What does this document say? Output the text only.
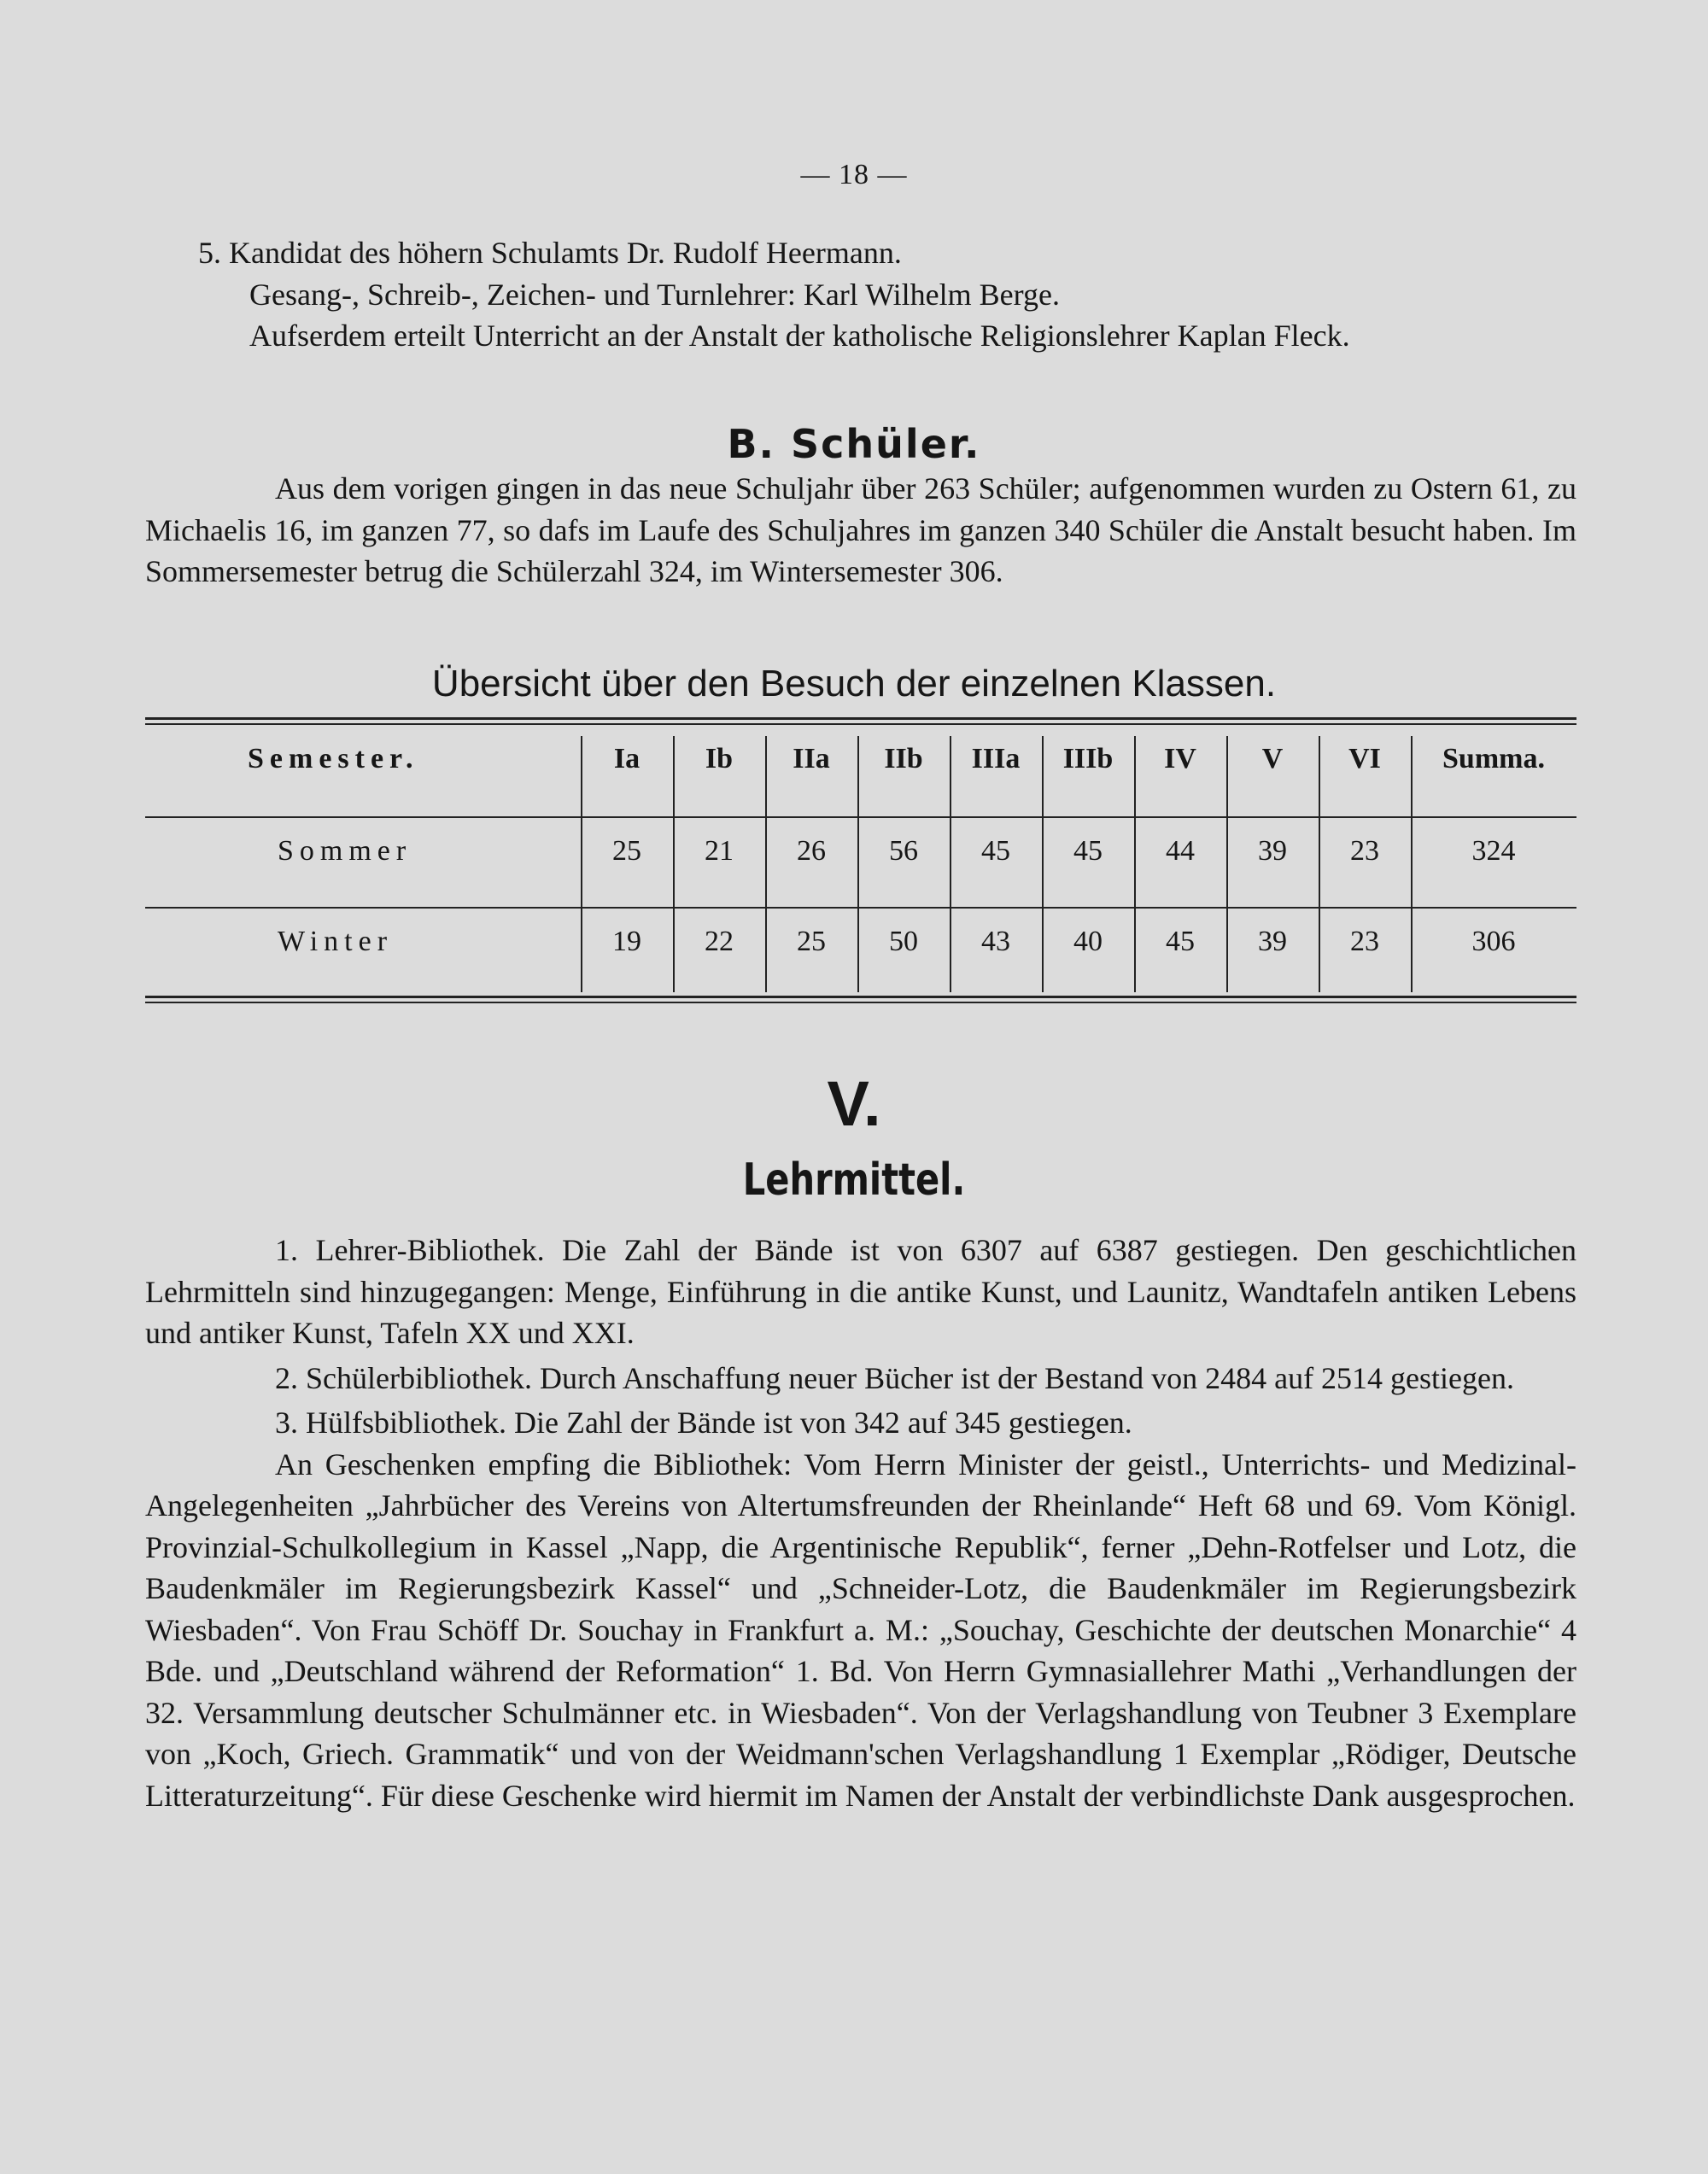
— 18 —

5. Kandidat des höhern Schulamts Dr. Rudolf Heermann.

Gesang-, Schreib-, Zeichen- und Turnlehrer: Karl Wilhelm Berge.

Aufserdem erteilt Unterricht an der Anstalt der katholische Religionslehrer Kaplan Fleck.

B. Schüler.

Aus dem vorigen gingen in das neue Schuljahr über 263 Schüler; aufgenommen wurden zu Ostern 61, zu Michaelis 16, im ganzen 77, so dafs im Laufe des Schuljahres im ganzen 340 Schüler die Anstalt besucht haben. Im Sommersemester betrug die Schülerzahl 324, im Wintersemester 306.

Übersicht über den Besuch der einzelnen Klassen.
Semester.	Ia	Ib	IIa	IIb	IIIa	IIIb	IV	V	VI	Summa.
Sommer	25	21	26	56	45	45	44	39	23	324
Winter	19	22	25	50	43	40	45	39	23	306
V.
Lehrmittel.

1. Lehrer-Bibliothek. Die Zahl der Bände ist von 6307 auf 6387 gestiegen. Den geschichtlichen Lehrmitteln sind hinzugegangen: Menge, Einführung in die antike Kunst, und Launitz, Wandtafeln antiken Lebens und antiker Kunst, Tafeln XX und XXI.

2. Schülerbibliothek. Durch Anschaffung neuer Bücher ist der Bestand von 2484 auf 2514 gestiegen.

3. Hülfsbibliothek. Die Zahl der Bände ist von 342 auf 345 gestiegen.

An Geschenken empfing die Bibliothek: Vom Herrn Minister der geistl., Unterrichts- und Medizinal- Angelegenheiten „Jahrbücher des Vereins von Altertumsfreunden der Rheinlande“ Heft 68 und 69. Vom Königl. Provinzial-Schulkollegium in Kassel „Napp, die Argentinische Republik“, ferner „Dehn-Rotfelser und Lotz, die Baudenkmäler im Regierungsbezirk Kassel“ und „Schneider-Lotz, die Baudenkmäler im Regierungsbezirk Wiesbaden“. Von Frau Schöff Dr. Souchay in Frankfurt a. M.: „Souchay, Geschichte der deutschen Monarchie“ 4 Bde. und „Deutschland während der Reformation“ 1. Bd. Von Herrn Gymnasiallehrer Mathi „Verhandlungen der 32. Versammlung deutscher Schulmänner etc. in Wiesbaden“. Von der Verlagshandlung von Teubner 3 Exemplare von „Koch, Griech. Grammatik“ und von der Weidmann'schen Verlagshandlung 1 Exemplar „Rödiger, Deutsche Litteraturzeitung“. Für diese Geschenke wird hiermit im Namen der Anstalt der verbindlichste Dank ausgesprochen.
